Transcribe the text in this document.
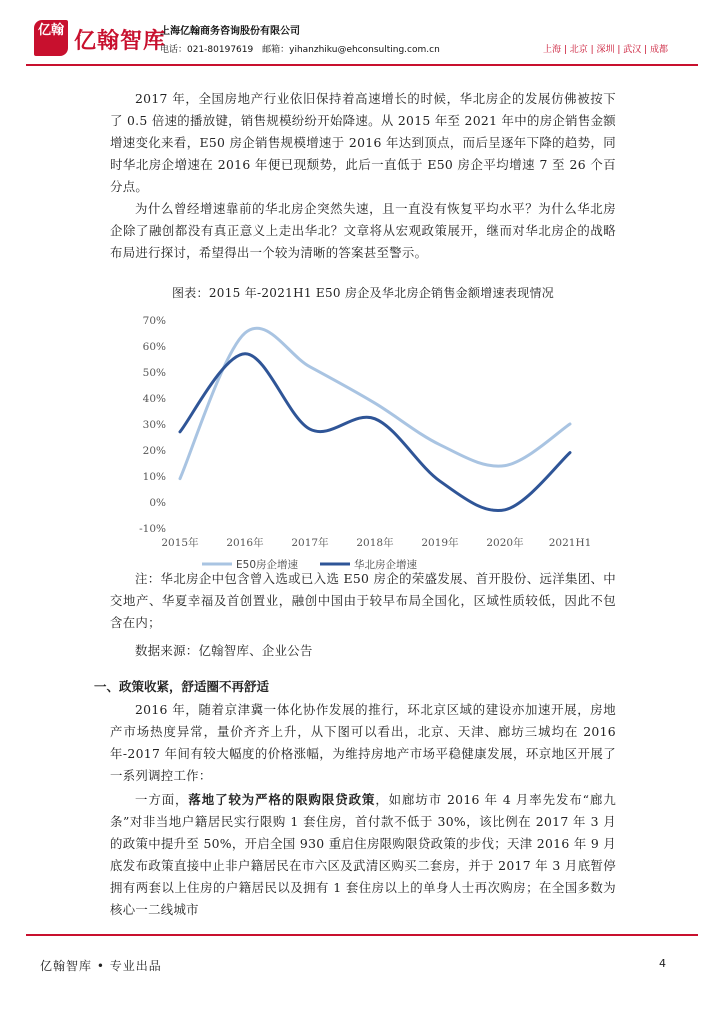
亿翰 亿翰智库
上海亿翰商务咨询股份有限公司
电话：021-80197619 邮箱：yihanzhiku@ehconsulting.com.cn	上海 | 北京 | 深圳 | 武汉 | 成都

2017 年，全国房地产行业依旧保持着高速增长的时候，华北房企的发展仿佛被按下了 0.5 倍速的播放键，销售规模纷纷开始降速。从 2015 年至 2021 年中的房企销售金额增速变化来看，E50 房企销售规模增速于 2016 年达到顶点，而后呈逐年下降的趋势，同时华北房企增速在 2016 年便已现颓势，此后一直低于 E50 房企平均增速 7 至 26 个百分点。

为什么曾经增速靠前的华北房企突然失速，且一直没有恢复平均水平？为什么华北房企除了融创都没有真正意义上走出华北？文章将从宏观政策展开，继而对华北房企的战略布局进行探讨，希望得出一个较为清晰的答案甚至警示。

图表：2015 年-2021H1 E50 房企及华北房企销售金额增速表现情况
70%
60%
50%
40%
30%
20%
10%
0%
-10%
2015年	2016年	2017年	2018年	2019年	2020年 2021H1
E50房企增速	华北房企增速

注：华北房企中包含曾入选或已入选 E50 房企的荣盛发展、首开股份、远洋集团、中交地产、华夏幸福及首创置业，融创中国由于较早布局全国化，区域性质较低，因此不包含在内；

数据来源：亿翰智库、企业公告

一、政策收紧，舒适圈不再舒适

2016 年，随着京津冀一体化协作发展的推行，环北京区域的建设亦加速开展，房地产市场热度异常，量价齐齐上升，从下图可以看出，北京、天津、廊坊三城均在 2016 年-2017 年间有较大幅度的价格涨幅，为维持房地产市场平稳健康发展，环京地区开展了一系列调控工作：

一方面，落地了较为严格的限购限贷政策，如廊坊市 2016 年 4 月率先发布“廊九条”对非当地户籍居民实行限购 1 套住房，首付款不低于 30%，该比例在 2017 年 3 月的政策中提升至 50%，开启全国 930 重启住房限购限贷政策的步伐；天津 2016 年 9 月底发布政策直接中止非户籍居民在市六区及武清区购买二套房，并于 2017 年 3 月底暂停拥有两套以上住房的户籍居民以及拥有 1 套住房以上的单身人士再次购房；在全国多数为核心一二线城市

亿翰智库 • 专业出品	4
